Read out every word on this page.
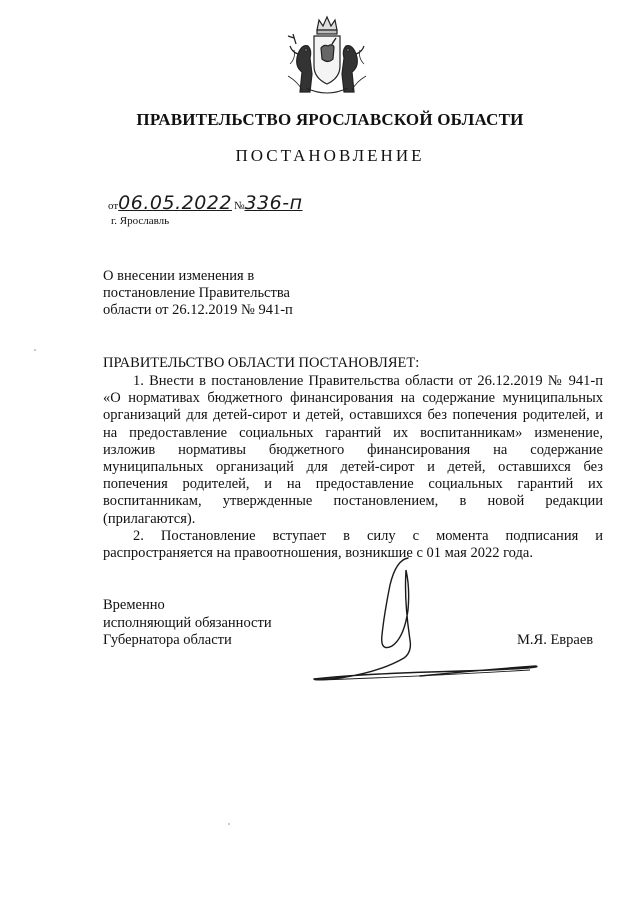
ПРАВИТЕЛЬСТВО ЯРОСЛАВСКОЙ ОБЛАСТИ
ПОСТАНОВЛЕНИЕ
от06.05.2022 №336-п
г. Ярославль
О внесении изменения в
постановление Правительства
области от 26.12.2019 № 941-п
ПРАВИТЕЛЬСТВО ОБЛАСТИ ПОСТАНОВЛЯЕТ:

1. Внести в постановление Правительства области от 26.12.2019 № 941-п «О нормативах бюджетного финансирования на содержание муниципальных организаций для детей-сирот и детей, оставшихся без попечения родителей, и на предоставление социальных гарантий их воспитанникам» изменение, изложив нормативы бюджетного финансирования на содержание муниципальных организаций для детей-сирот и детей, оставшихся без попечения родителей, и на предоставление социальных гарантий их воспитанникам, утвержденные постановлением, в новой редакции (прилагаются).

2. Постановление вступает в силу с момента подписания и распространяется на правоотношения, возникшие с 01 мая 2022 года.

Временно
исполняющий обязанности
Губернатора области	М.Я. Евраев
